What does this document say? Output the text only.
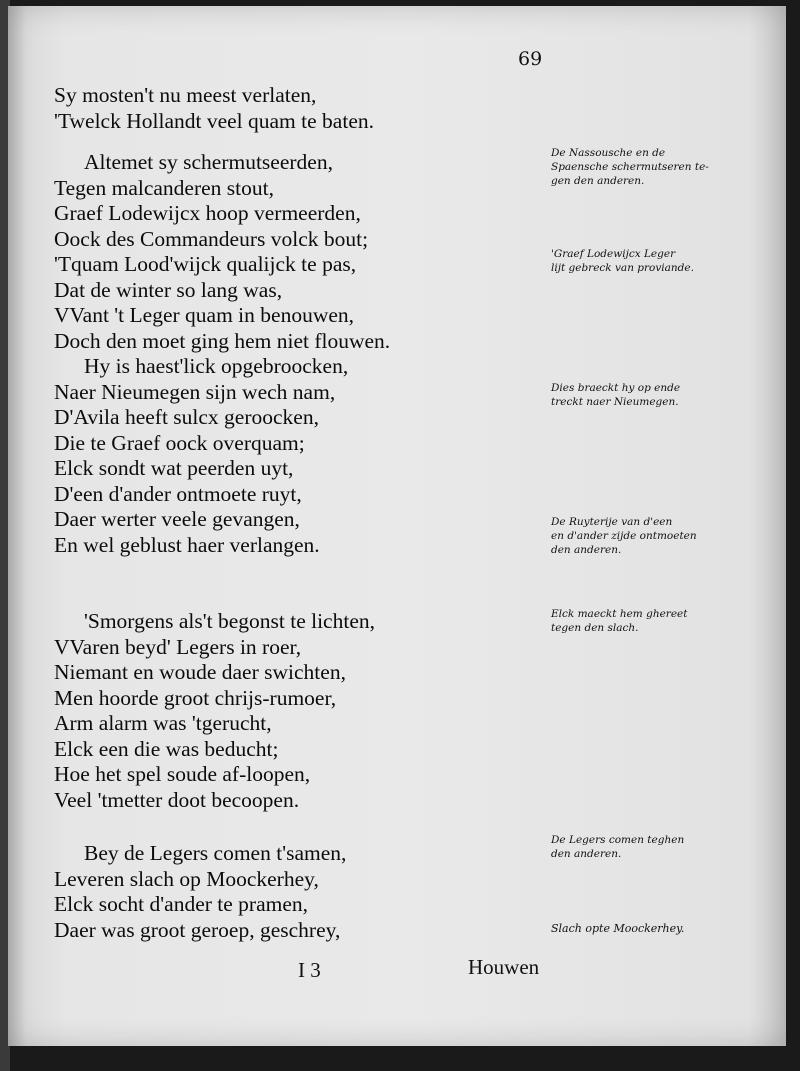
69
Sy mosten't nu meest verlaten,
'Twelck Hollandt veel quam te baten.
Altemet sy schermutseerden,
Tegen malcanderen stout,
Graef Lodewijcx hoop vermeerden,
Oock des Commandeurs volck bout;
'Tquam Lood'wijck qualijck te pas,
Dat de winter so lang was,
VVant 't Leger quam in benouwen,
Doch den moet ging hem niet flouwen.
Hy is haest'lick opgebroocken,
Naer Nieumegen sijn wech nam,
D'Avila heeft sulcx geroocken,
Die te Graef oock overquam;
Elck sondt wat peerden uyt,
D'een d'ander ontmoete ruyt,
Daer werter veele gevangen,
En wel geblust haer verlangen.
'Smorgens als't begonst te lichten,
VVaren beyd' Legers in roer,
Niemant en woude daer swichten,
Men hoorde groot chrijs-rumoer,
Arm alarm was 'tgerucht,
Elck een die was beducht;
Hoe het spel soude af-loopen,
Veel 'tmetter doot becoopen.
Bey de Legers comen t'samen,
Leveren slach op Moockerhey,
Elck socht d'ander te pramen,
Daer was groot geroep, geschrey,
De Nassousche en de
Spaensche schermutseren te-
gen den anderen.
'Graef Lodewijcx Leger
lijt gebreck van proviande.
Dies braeckt hy op ende
treckt naer Nieumegen.
De Ruyterije van d'een
en d'ander zijde ontmoeten
den anderen.
Elck maeckt hem ghereet
tegen den slach.
De Legers comen teghen
den anderen.
Slach opte Moockerhey.
I 3	Houwen
